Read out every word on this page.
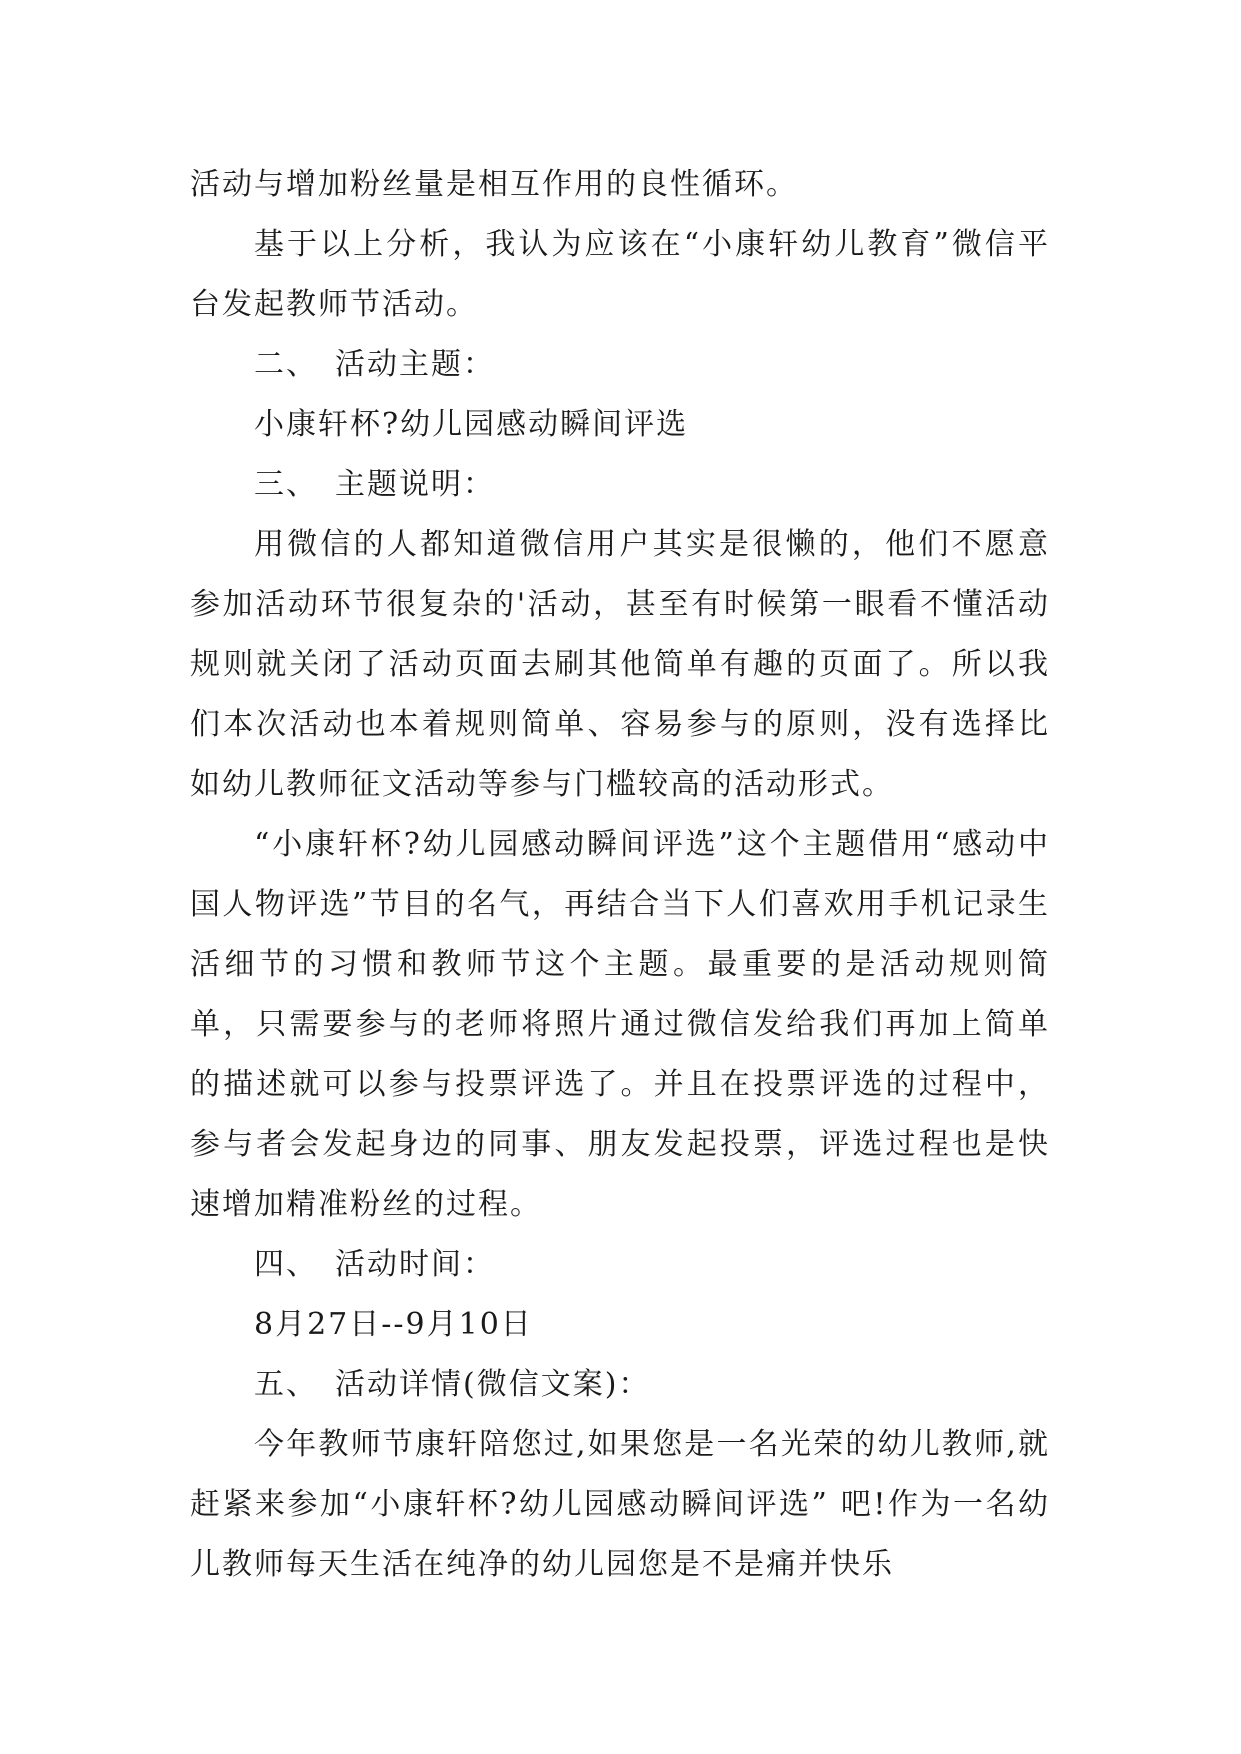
活动与增加粉丝量是相互作用的良性循环。

基于以上分析，我认为应该在“小康轩幼儿教育”微信平台发起教师节活动。

二、　活动主题：

小康轩杯?幼儿园感动瞬间评选

三、　主题说明：

用微信的人都知道微信用户其实是很懒的，他们不愿意参加活动环节很复杂的'活动，甚至有时候第一眼看不懂活动规则就关闭了活动页面去刷其他简单有趣的页面了。所以我们本次活动也本着规则简单、容易参与的原则，没有选择比如幼儿教师征文活动等参与门槛较高的活动形式。

“小康轩杯?幼儿园感动瞬间评选”这个主题借用“感动中国人物评选”节目的名气，再结合当下人们喜欢用手机记录生活细节的习惯和教师节这个主题。最重要的是活动规则简单，只需要参与的老师将照片通过微信发给我们再加上简单的描述就可以参与投票评选了。并且在投票评选的过程中，参与者会发起身边的同事、朋友发起投票，评选过程也是快速增加精准粉丝的过程。

四、　活动时间：

8月27日--9月10日

五、　活动详情(微信文案)：

今年教师节康轩陪您过,如果您是一名光荣的幼儿教师,就赶紧来参加“小康轩杯?幼儿园感动瞬间评选” 吧!作为一名幼儿教师每天生活在纯净的幼儿园您是不是痛并快乐
